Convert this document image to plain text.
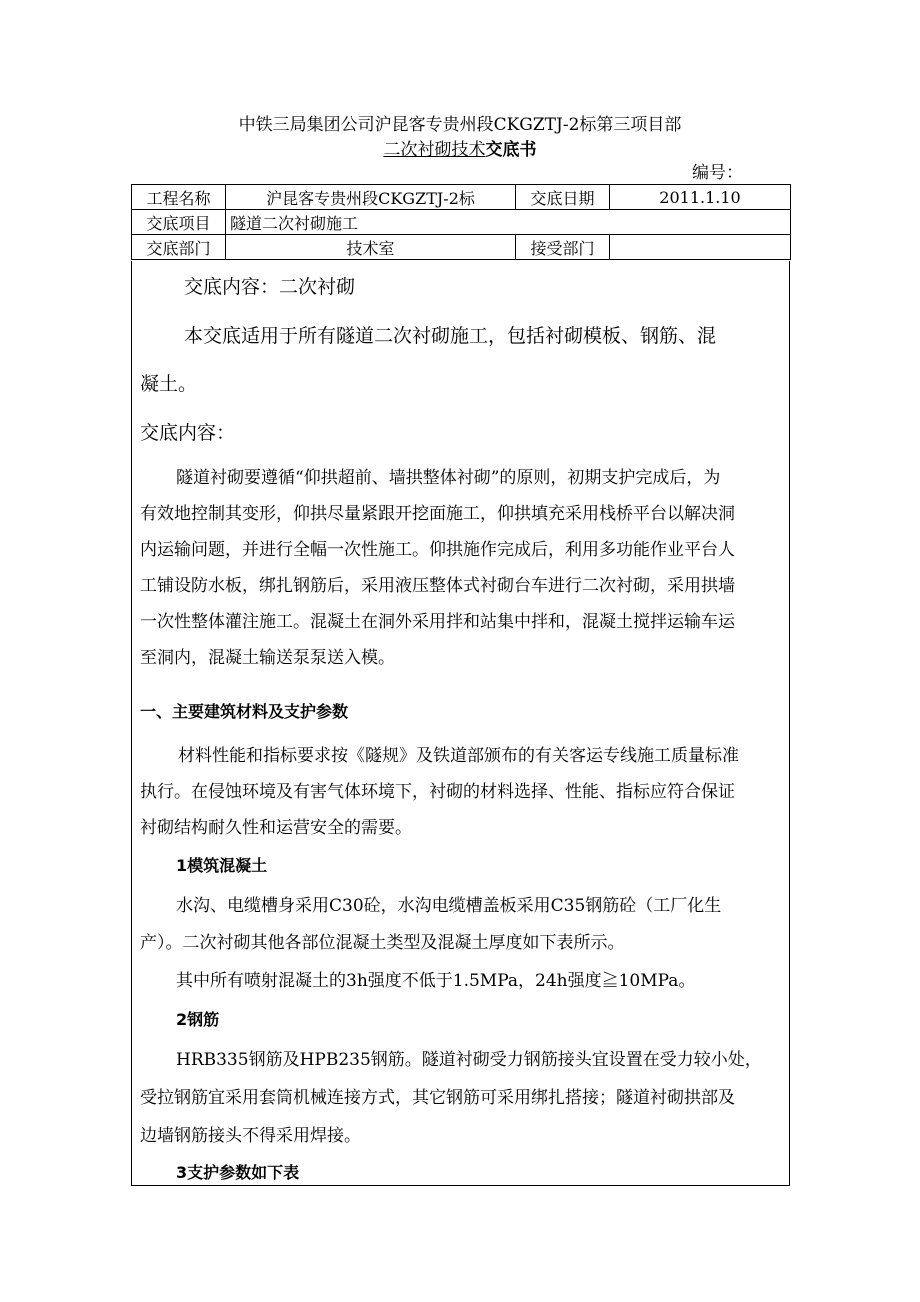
中铁三局集团公司沪昆客专贵州段CKGZTJ-2标第三项目部
二次衬砌技术交底书
编号：
工程名称	沪昆客专贵州段CKGZTJ-2标	交底日期	2011.1.10
交底项目	隧道二次衬砌施工		
交底部门	技术室	接受部门	
交底内容：二次衬砌
本交底适用于所有隧道二次衬砌施工，包括衬砌模板、钢筋、混
凝土。
交底内容：
隧道衬砌要遵循“仰拱超前、墙拱整体衬砌”的原则，初期支护完成后，为
有效地控制其变形，仰拱尽量紧跟开挖面施工，仰拱填充采用栈桥平台以解决洞
内运输问题，并进行全幅一次性施工。仰拱施作完成后，利用多功能作业平台人
工铺设防水板，绑扎钢筋后，采用液压整体式衬砌台车进行二次衬砌，采用拱墙
一次性整体灌注施工。混凝土在洞外采用拌和站集中拌和，混凝土搅拌运输车运
至洞内，混凝土输送泵泵送入模。
一、主要建筑材料及支护参数
材料性能和指标要求按《隧规》及铁道部颁布的有关客运专线施工质量标准
执行。在侵蚀环境及有害气体环境下，衬砌的材料选择、性能、指标应符合保证
衬砌结构耐久性和运营安全的需要。
1模筑混凝土
水沟、电缆槽身采用C30砼，水沟电缆槽盖板采用C35钢筋砼（工厂化生
产）。二次衬砌其他各部位混凝土类型及混凝土厚度如下表所示。
其中所有喷射混凝土的3h强度不低于1.5MPa，24h强度≧10MPa。
2钢筋
HRB335钢筋及HPB235钢筋。隧道衬砌受力钢筋接头宜设置在受力较小处，
受拉钢筋宜采用套筒机械连接方式，其它钢筋可采用绑扎搭接；隧道衬砌拱部及
边墙钢筋接头不得采用焊接。
3支护参数如下表
